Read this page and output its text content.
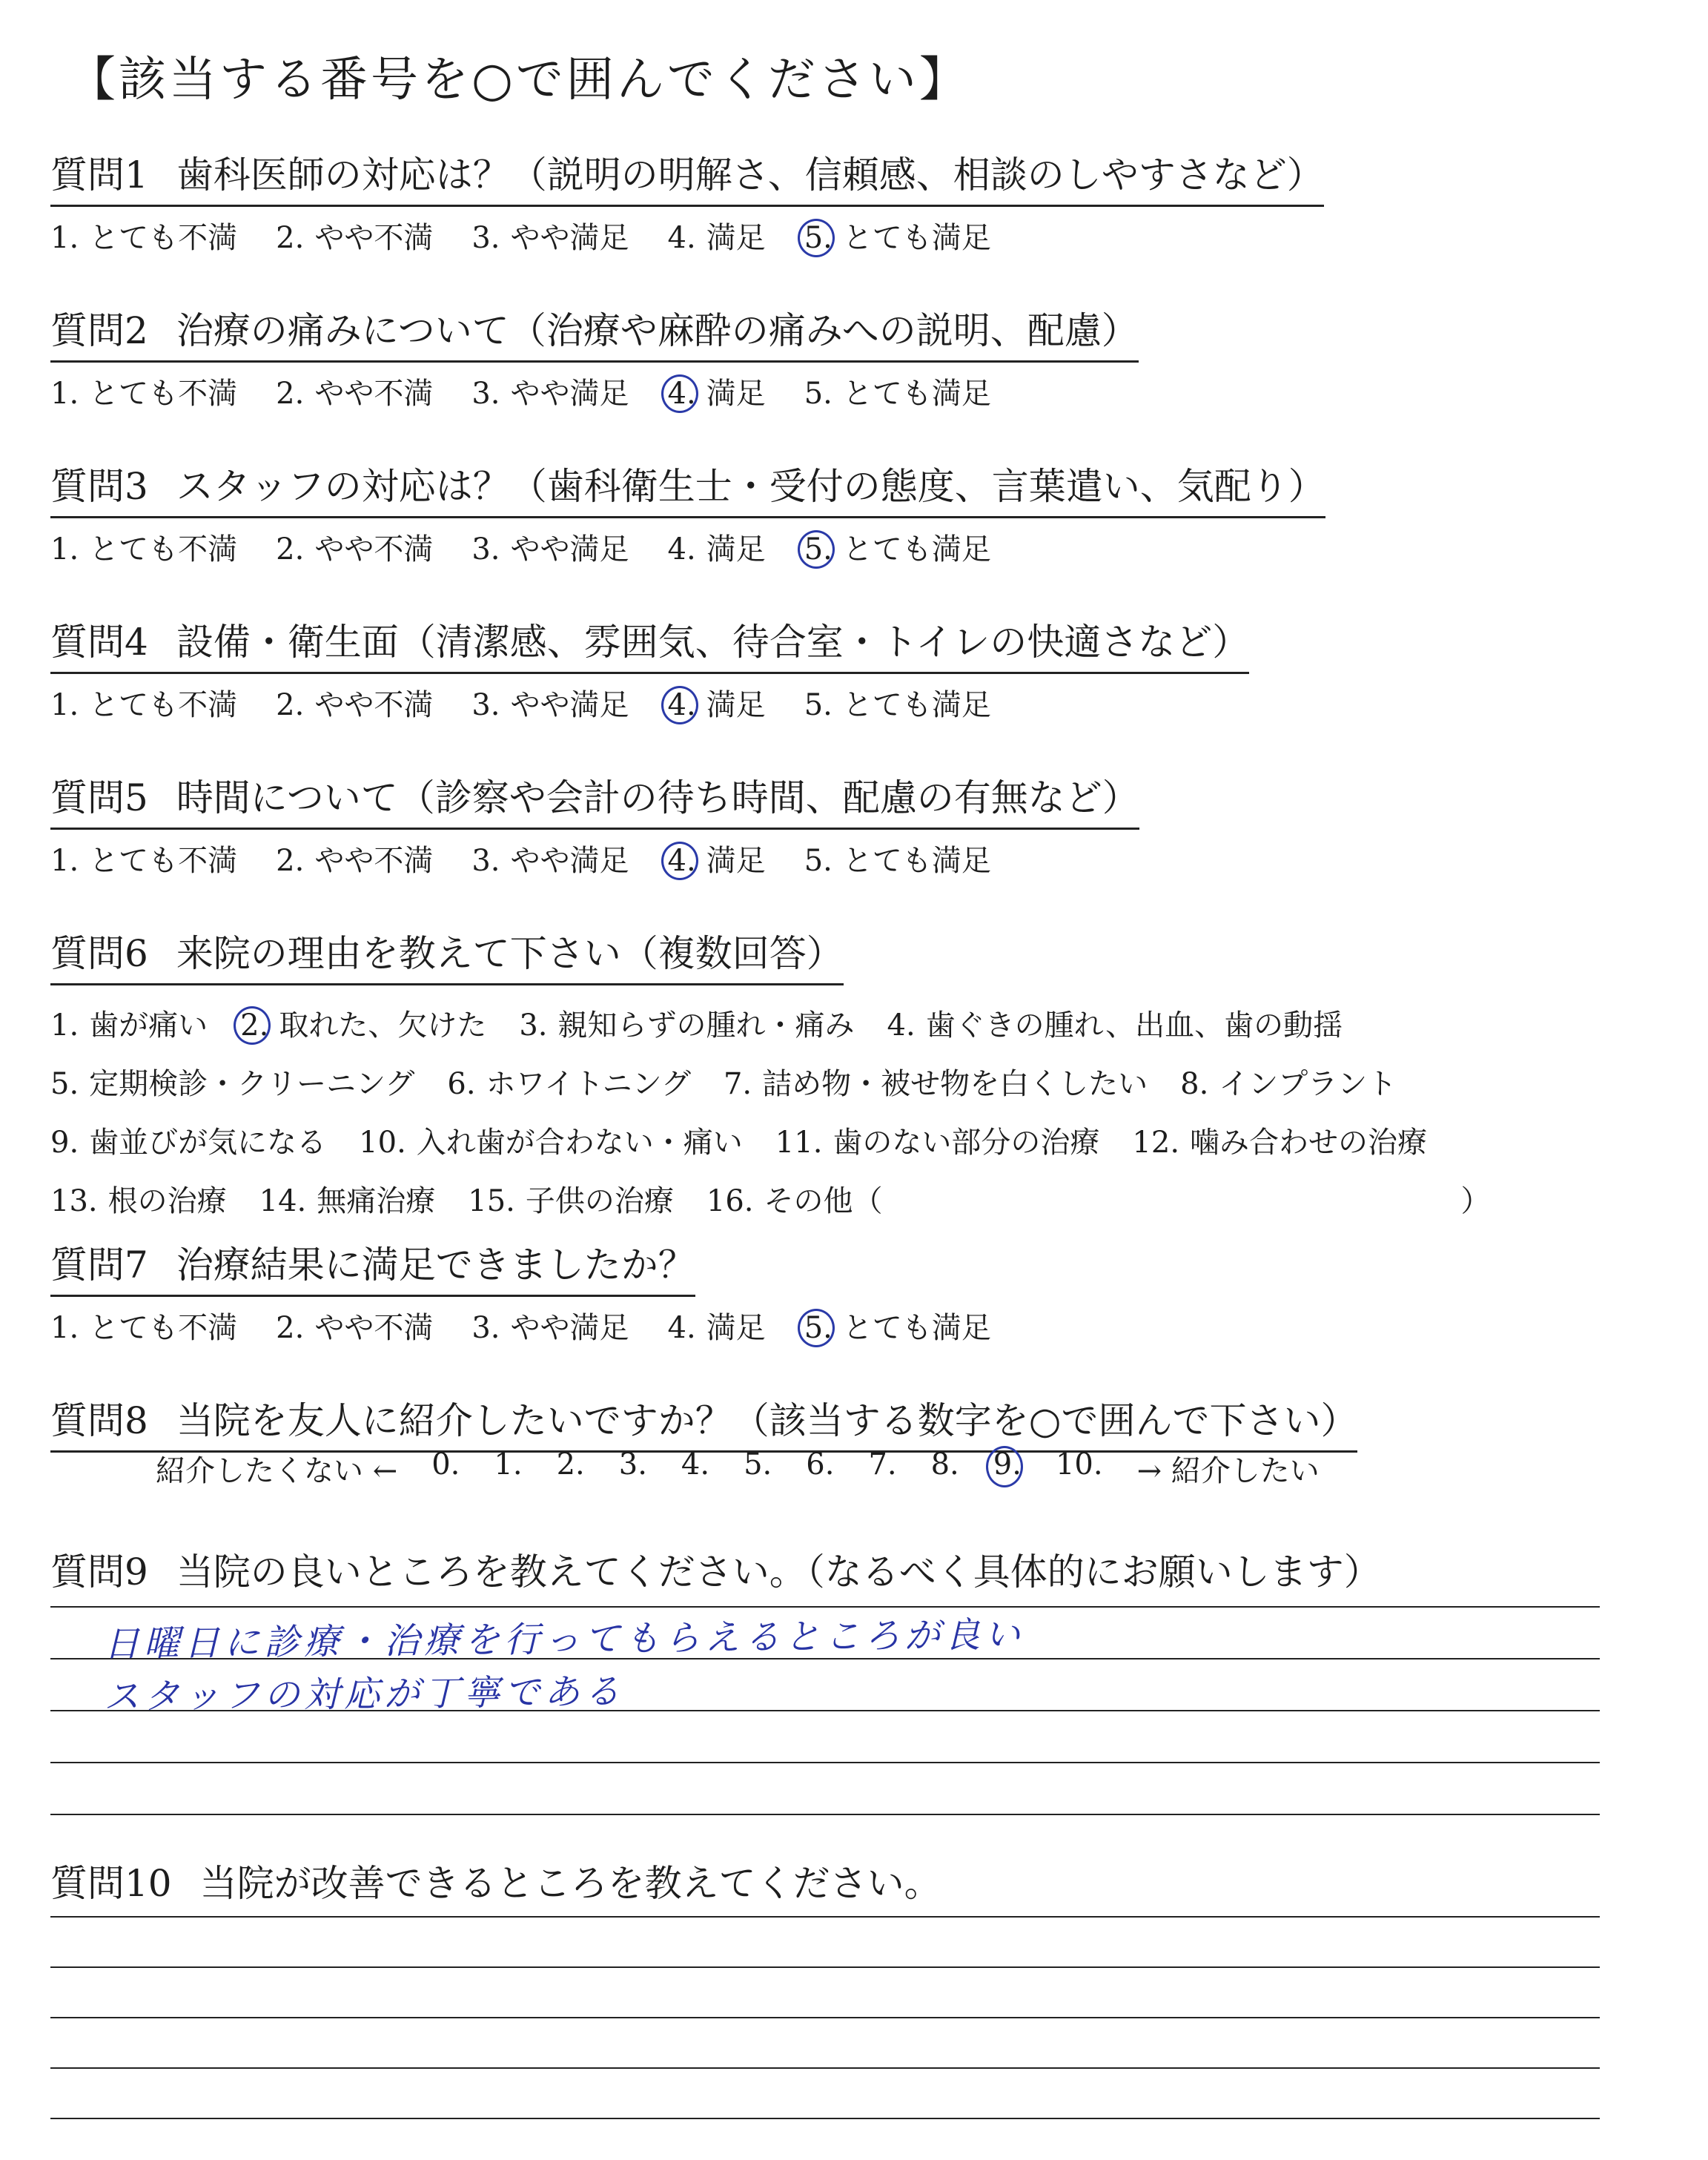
【該当する番号を○で囲んでください】
質問1 歯科医師の対応は？（説明の明解さ、信頼感、相談のしやすさなど）
1. とても不満 2. やや不満 3. やや満足 4. 満足 5. とても満足
質問2 治療の痛みについて（治療や麻酔の痛みへの説明、配慮）
1. とても不満 2. やや不満 3. やや満足 4. 満足 5. とても満足
質問3 スタッフの対応は？（歯科衛生士・受付の態度、言葉遣い、気配り）
1. とても不満 2. やや不満 3. やや満足 4. 満足 5. とても満足
質問4 設備・衛生面（清潔感、雰囲気、待合室・トイレの快適さなど）
1. とても不満 2. やや不満 3. やや満足 4. 満足 5. とても満足
質問5 時間について（診察や会計の待ち時間、配慮の有無など）
1. とても不満 2. やや不満 3. やや満足 4. 満足 5. とても満足
質問6 来院の理由を教えて下さい（複数回答）
1. 歯が痛い 2. 取れた、欠けた 3. 親知らずの腫れ・痛み 4. 歯ぐきの腫れ、出血、歯の動揺
5. 定期検診・クリーニング 6. ホワイトニング 7. 詰め物・被せ物を白くしたい 8. インプラント
9. 歯並びが気になる 10. 入れ歯が合わない・痛い 11. 歯のない部分の治療 12. 噛み合わせの治療
13. 根の治療 14. 無痛治療 15. 子供の治療 16. その他（	）
質問7 治療結果に満足できましたか？
1. とても不満 2. やや不満 3. やや満足 4. 満足 5. とても満足
質問8 当院を友人に紹介したいですか？（該当する数字を○で囲んで下さい）
紹介したくない ← 0. 1. 2. 3. 4. 5. 6. 7. 8. 9. 10. → 紹介したい
質問9 当院の良いところを教えてください。（なるべく具体的にお願いします）
日曜日に診療・治療を行ってもらえるところが良い
スタッフの対応が丁寧である
質問10 当院が改善できるところを教えてください。
